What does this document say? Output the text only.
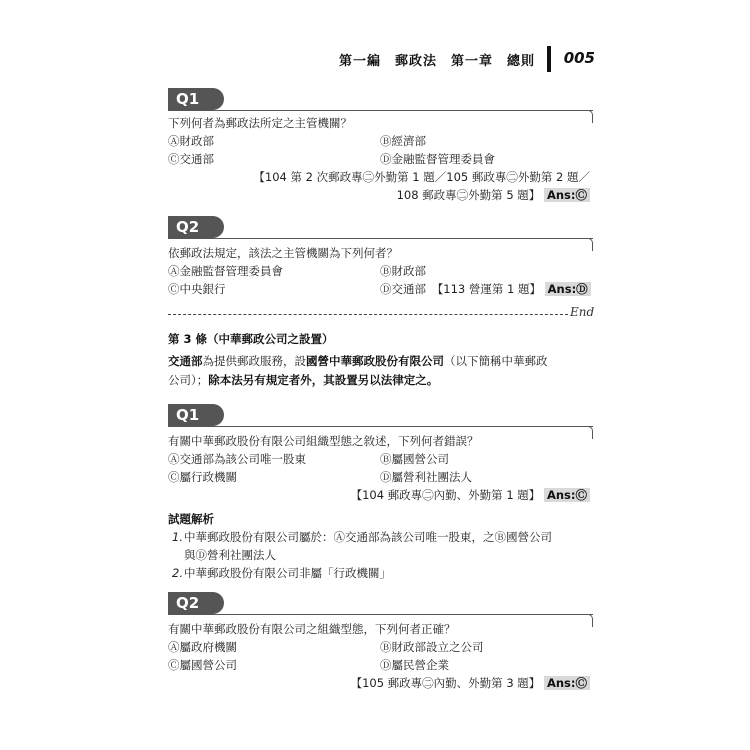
第一編　郵政法　第一章　總則 005
Q1
下列何者為郵政法所定之主管機關？
Ⓐ財政部	Ⓑ經濟部
Ⓒ交通部	Ⓓ金融監督管理委員會
【104 第 2 次郵政專㊁外勤第 1 題／105 郵政專㊁外勤第 2 題／
108 郵政專㊁外勤第 5 題】 Ans:Ⓒ
Q2
依郵政法規定，該法之主管機關為下列何者？
Ⓐ金融監督管理委員會	Ⓑ財政部
Ⓒ中央銀行	Ⓓ交通部　【113 營運第 1 題】 Ans:Ⓓ
End
第 3 條（中華郵政公司之設置）
交通部為提供郵政服務，設國營中華郵政股份有限公司（以下簡稱中華郵政
公司）；除本法另有規定者外，其設置另以法律定之。
Q1
有關中華郵政股份有限公司組織型態之敘述，下列何者錯誤？
Ⓐ交通部為該公司唯一股東	Ⓑ屬國營公司
Ⓒ屬行政機關	Ⓓ屬營利社團法人
【104 郵政專㊁內勤、外勤第 1 題】 Ans:Ⓒ
試題解析
1.中華郵政股份有限公司屬於：Ⓐ交通部為該公司唯一股東，之Ⓑ國營公司
與Ⓓ營利社團法人
2.中華郵政股份有限公司非屬「行政機關」
Q2
有關中華郵政股份有限公司之組織型態，下列何者正確？
Ⓐ屬政府機關	Ⓑ財政部設立之公司
Ⓒ屬國營公司	Ⓓ屬民營企業
【105 郵政專㊁內勤、外勤第 3 題】 Ans:Ⓒ
